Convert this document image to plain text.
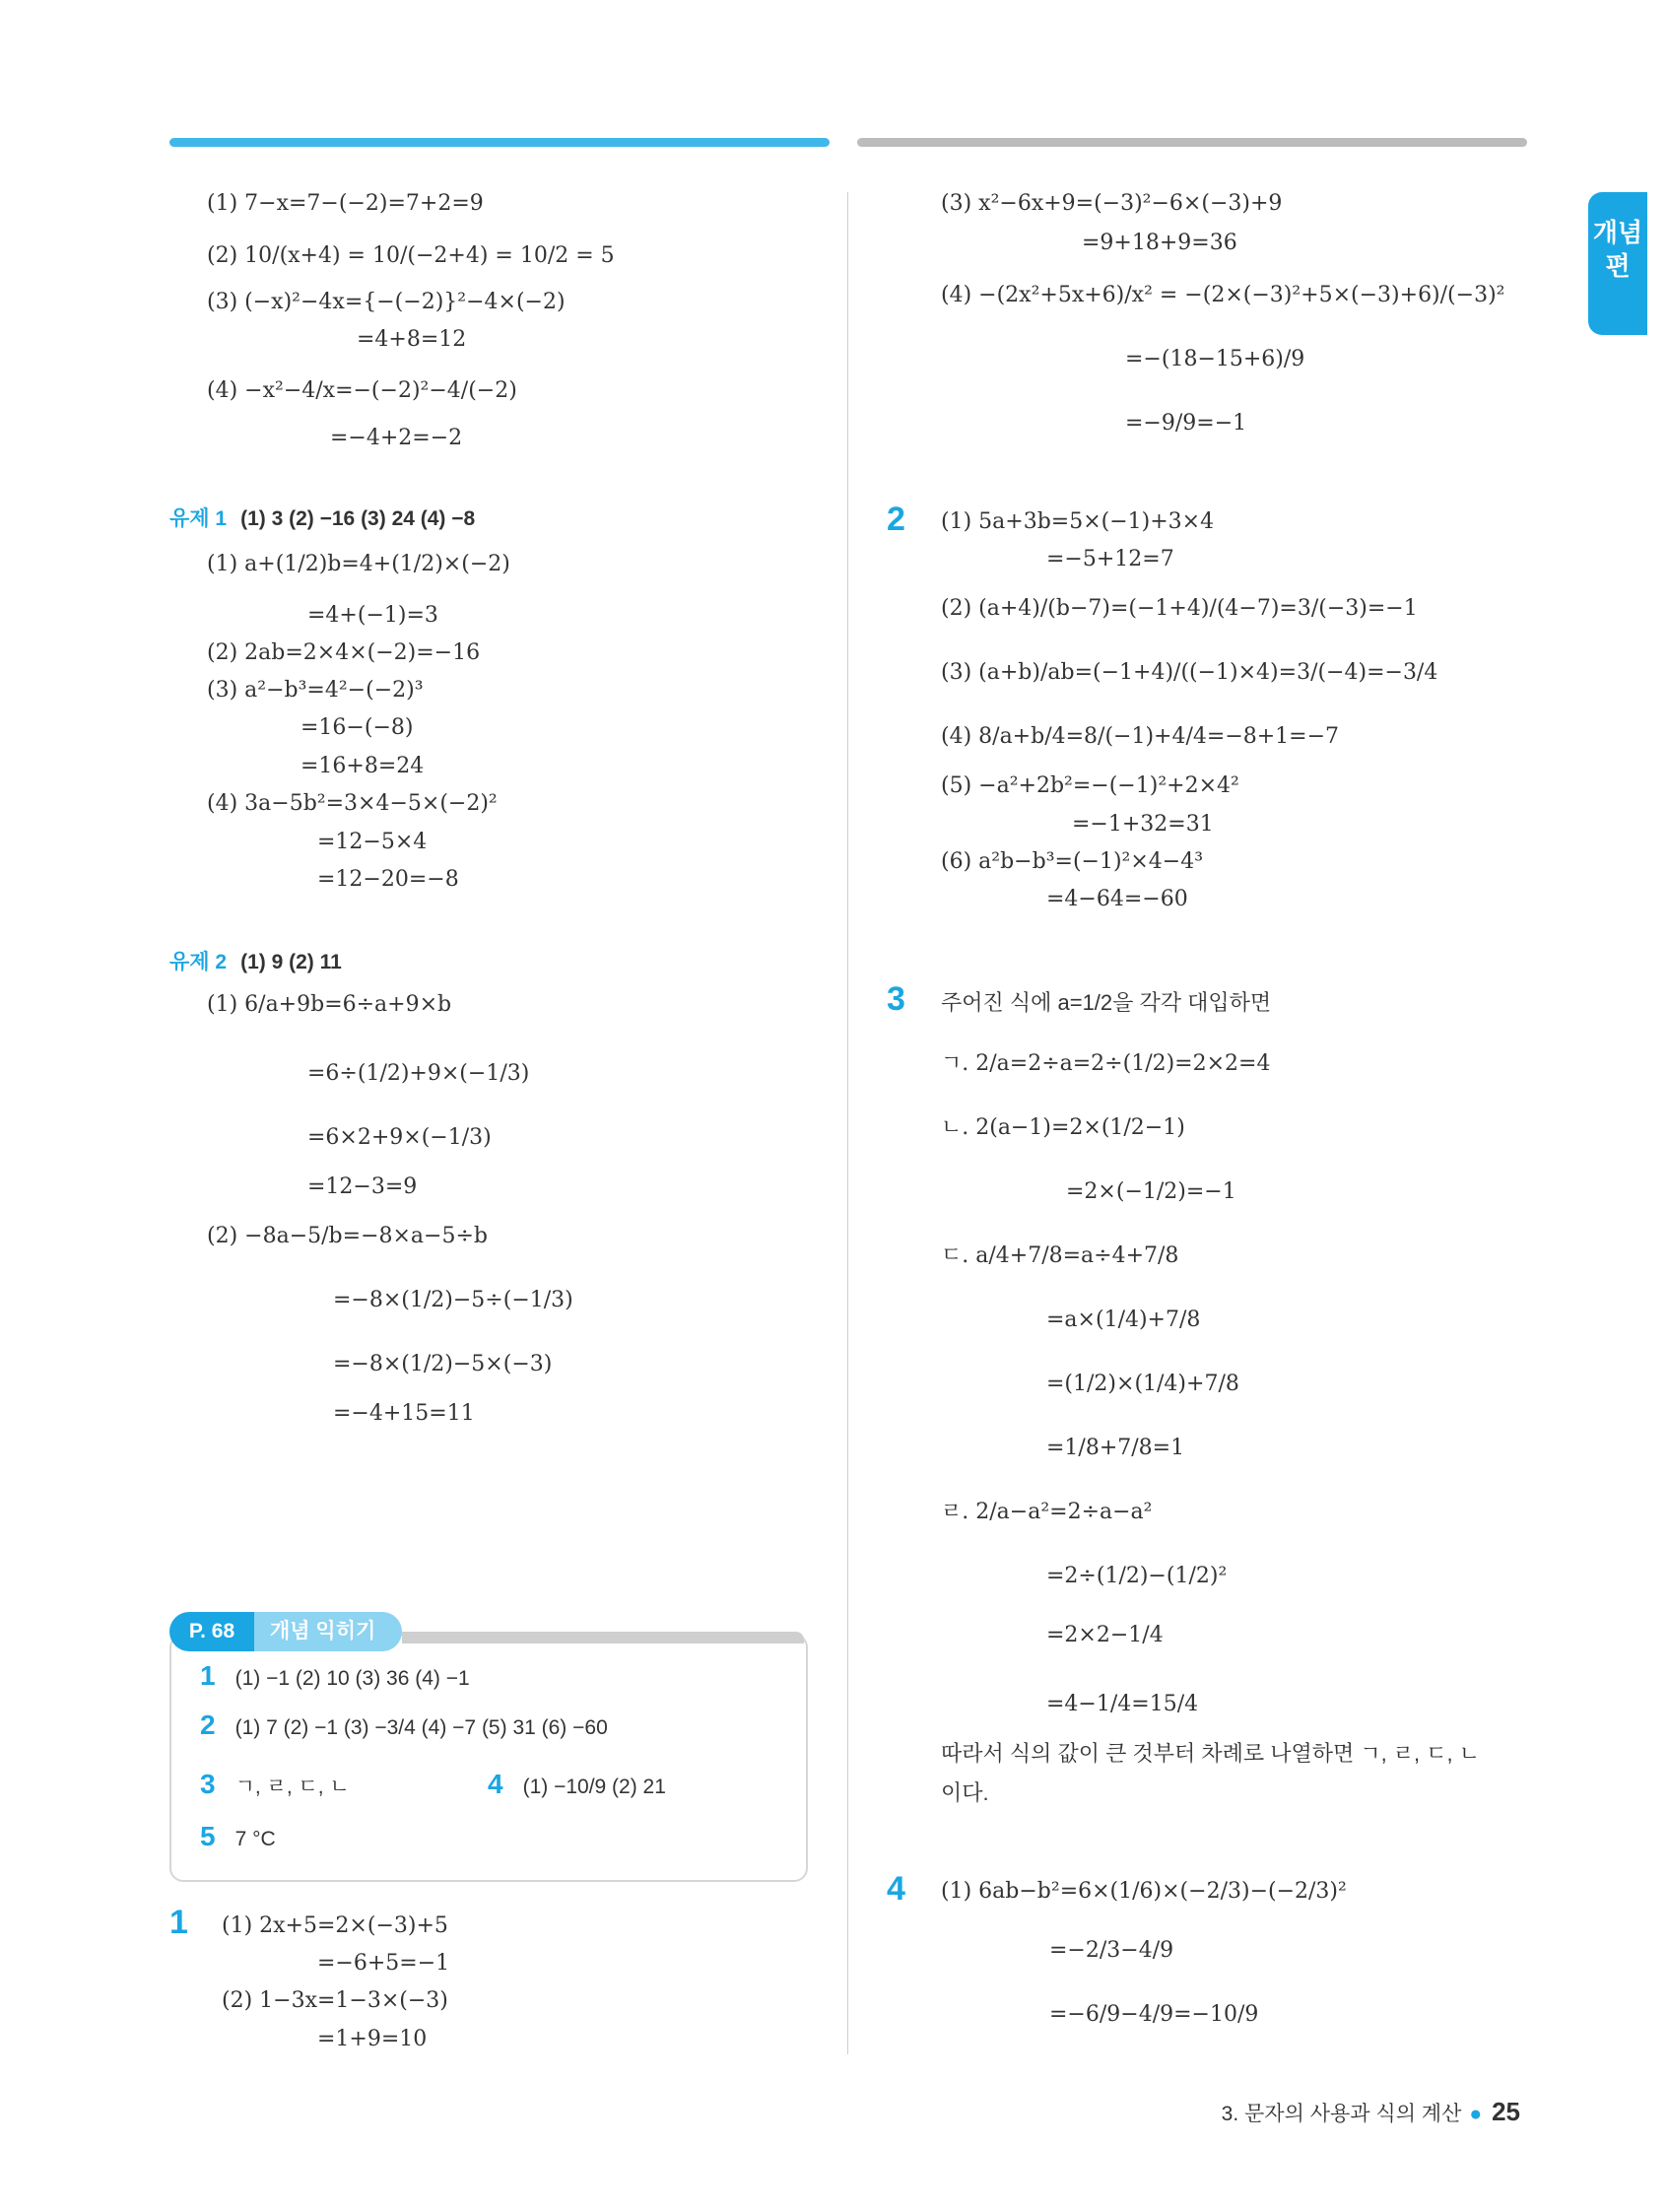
개념편
(1) 7−x=7−(−2)=7+2=9
(2) 10/(x+4) = 10/(−2+4) = 10/2 = 5
(3) (−x)²−4x={−(−2)}²−4×(−2)
=4+8=12
(4) −x²−4/x=−(−2)²−4/(−2)
=−4+2=−2
유제 1 (1) 3 (2) −16 (3) 24 (4) −8
(1) a+(1/2)b=4+(1/2)×(−2)
=4+(−1)=3
(2) 2ab=2×4×(−2)=−16
(3) a²−b³=4²−(−2)³
=16−(−8)
=16+8=24
(4) 3a−5b²=3×4−5×(−2)²
=12−5×4
=12−20=−8
유제 2 (1) 9 (2) 11
(1) 6/a+9b=6÷a+9×b
=6÷(1/2)+9×(−1/3)
=6×2+9×(−1/3)
=12−3=9
(2) −8a−5/b=−8×a−5÷b
=−8×(1/2)−5÷(−1/3)
=−8×(1/2)−5×(−3)
=−4+15=11
P. 68	개념 익히기
1 (1) −1 (2) 10 (3) 36 (4) −1
2 (1) 7 (2) −1 (3) −3/4 (4) −7 (5) 31 (6) −60
3 ㄱ, ㄹ, ㄷ, ㄴ	4 (1) −10/9 (2) 21
5 7 °C
1 (1) 2x+5=2×(−3)+5
=−6+5=−1
(2) 1−3x=1−3×(−3)
=1+9=10
(3) x²−6x+9=(−3)²−6×(−3)+9
=9+18+9=36
(4) −(2x²+5x+6)/x² = −(2×(−3)²+5×(−3)+6)/(−3)²
=−(18−15+6)/9
=−9/9=−1
2 (1) 5a+3b=5×(−1)+3×4
=−5+12=7
(2) (a+4)/(b−7)=(−1+4)/(4−7)=3/(−3)=−1
(3) (a+b)/ab=(−1+4)/((−1)×4)=3/(−4)=−3/4
(4) 8/a+b/4=8/(−1)+4/4=−8+1=−7
(5) −a²+2b²=−(−1)²+2×4²
=−1+32=31
(6) a²b−b³=(−1)²×4−4³
=4−64=−60
3 주어진 식에 a=1/2을 각각 대입하면
ㄱ. 2/a=2÷a=2÷(1/2)=2×2=4
ㄴ. 2(a−1)=2×(1/2−1)
=2×(−1/2)=−1
ㄷ. a/4+7/8=a÷4+7/8
=a×(1/4)+7/8
=(1/2)×(1/4)+7/8
=1/8+7/8=1
ㄹ. 2/a−a²=2÷a−a²
=2÷(1/2)−(1/2)²
=2×2−1/4
=4−1/4=15/4
따라서 식의 값이 큰 것부터 차례로 나열하면 ㄱ, ㄹ, ㄷ, ㄴ
이다.
4 (1) 6ab−b²=6×(1/6)×(−2/3)−(−2/3)²
=−2/3−4/9
=−6/9−4/9=−10/9
3. 문자의 사용과 식의 계산 ● 25
